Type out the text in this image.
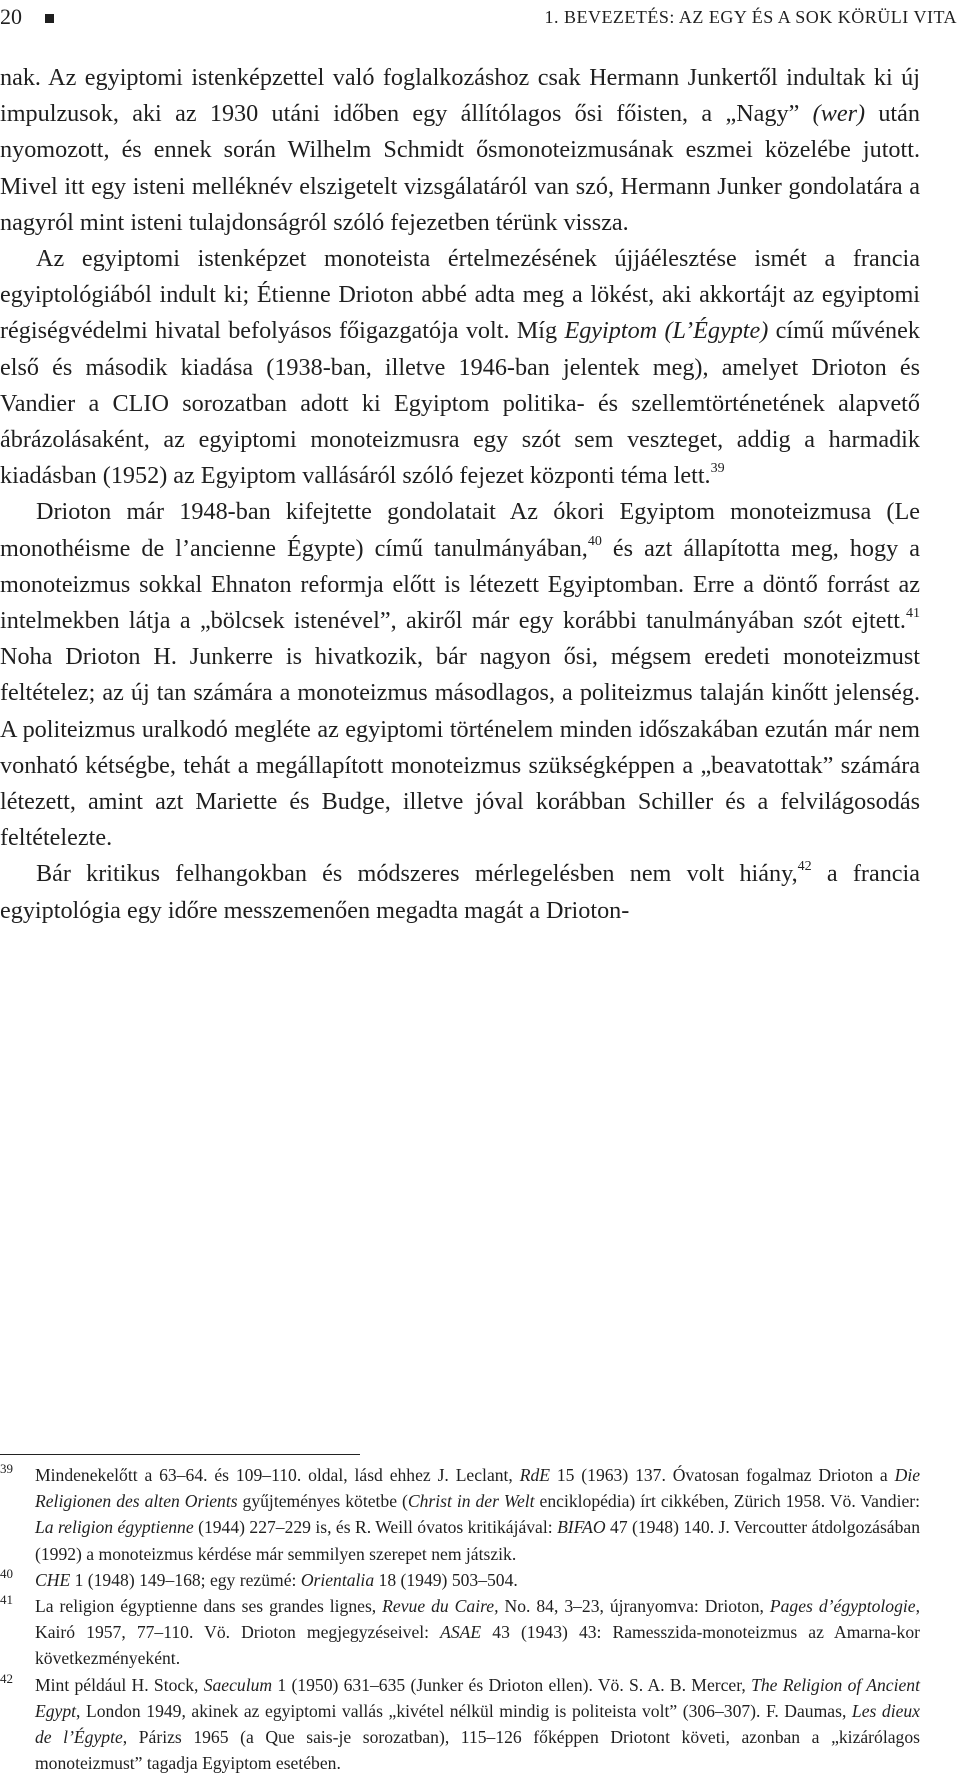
20	1. BEVEZETÉS: AZ EGY ÉS A SOK KÖRÜLI VITA

nak. Az egyiptomi istenképzettel való foglalkozáshoz csak Hermann Junkertől indultak ki új impulzusok, aki az 1930 utáni időben egy állítólagos ősi főisten, a „Nagy” (wer) után nyomozott, és ennek során Wilhelm Schmidt ősmonoteizmusának eszmei közelébe jutott. Mivel itt egy isteni melléknév elszigetelt vizsgálatáról van szó, Hermann Junker gondolatára a nagyról mint isteni tulajdonságról szóló fejezetben térünk vissza.

Az egyiptomi istenképzet monoteista értelmezésének újjáélesztése ismét a francia egyiptológiából indult ki; Étienne Drioton abbé adta meg a lökést, aki akkortájt az egyiptomi régiségvédelmi hivatal befolyásos főigazgatója volt. Míg Egyiptom (L’Égypte) című művének első és második kiadása (1938-ban, illetve 1946-ban jelentek meg), amelyet Drioton és Vandier a CLIO sorozatban adott ki Egyiptom politika- és szellemtörténetének alapvető ábrázolásaként, az egyiptomi monoteizmusra egy szót sem veszteget, addig a harmadik kiadásban (1952) az Egyiptom vallásáról szóló fejezet központi téma lett.$^{39}$

Drioton már 1948-ban kifejtette gondolatait Az ókori Egyiptom monoteizmusa (Le monothéisme de l’ancienne Égypte) című tanulmányában,$^{40}$ és azt állapította meg, hogy a monoteizmus sokkal Ehnaton reformja előtt is létezett Egyiptomban. Erre a döntő forrást az intelmekben látja a „bölcsek istenével”, akiről már egy korábbi tanulmányában szót ejtett.$^{41}$ Noha Drioton H. Junkerre is hivatkozik, bár nagyon ősi, mégsem eredeti monoteizmust feltételez; az új tan számára a monoteizmus másodlagos, a politeizmus talaján kinőtt jelenség. A politeizmus uralkodó megléte az egyiptomi történelem minden időszakában ezután már nem vonható kétségbe, tehát a megállapított monoteizmus szükségképpen a „beavatottak” számára létezett, amint azt Mariette és Budge, illetve jóval korábban Schiller és a felvilágosodás feltételezte.

Bár kritikus felhangokban és módszeres mérlegelésben nem volt hiány,$^{42}$ a francia egyiptológia egy időre messzemenően megadta magát a Drioton-

39 Mindenekelőtt a 63–64. és 109–110. oldal, lásd ehhez J. Leclant, RdE 15 (1963) 137. Óvatosan fogalmaz Drioton a Die Religionen des alten Orients gyűjteményes kötetbe (Christ in der Welt enciklopédia) írt cikkében, Zürich 1958. Vö. Vandier: La religion égyptienne (1944) 227–229 is, és R. Weill óvatos kritikájával: BIFAO 47 (1948) 140. J. Vercoutter átdolgozásában (1992) a monoteizmus kérdése már semmilyen szerepet nem játszik.

40 CHE 1 (1948) 149–168; egy rezümé: Orientalia 18 (1949) 503–504.

41 La religion égyptienne dans ses grandes lignes, Revue du Caire, No. 84, 3–23, újranyomva: Drioton, Pages d’égyptologie, Kairó 1957, 77–110. Vö. Drioton megjegyzéseivel: ASAE 43 (1943) 43: Ramesszida-monoteizmus az Amarna-kor következményeként.

42 Mint például H. Stock, Saeculum 1 (1950) 631–635 (Junker és Drioton ellen). Vö. S. A. B. Mercer, The Religion of Ancient Egypt, London 1949, akinek az egyiptomi vallás „kivétel nélkül mindig is politeista volt” (306–307). F. Daumas, Les dieux de l’Égypte, Párizs 1965 (a Que sais-je sorozatban), 115–126 főképpen Driotont követi, azonban a „kizárólagos monoteizmust” tagadja Egyiptom esetében.
